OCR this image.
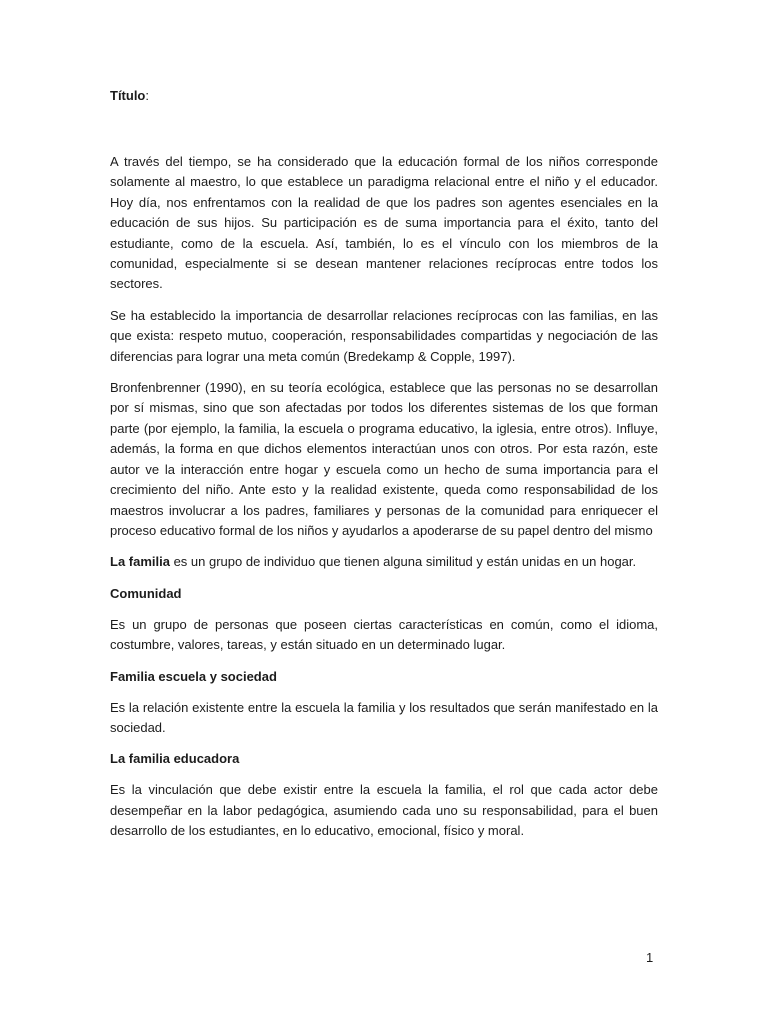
Título:

A través del tiempo, se ha considerado que la educación formal de los niños corresponde solamente al maestro, lo que establece un paradigma relacional entre el niño y el educador. Hoy día, nos enfrentamos con la realidad de que los padres son agentes esenciales en la educación de sus hijos. Su participación es de suma importancia para el éxito, tanto del estudiante, como de la escuela. Así, también, lo es el vínculo con los miembros de la comunidad, especialmente si se desean mantener relaciones recíprocas entre todos los sectores.

Se ha establecido la importancia de desarrollar relaciones recíprocas con las familias, en las que exista: respeto mutuo, cooperación, responsabilidades compartidas y negociación de las diferencias para lograr una meta común (Bredekamp & Copple, 1997).

Bronfenbrenner (1990), en su teoría ecológica, establece que las personas no se desarrollan por sí mismas, sino que son afectadas por todos los diferentes sistemas de los que forman parte (por ejemplo, la familia, la escuela o programa educativo, la iglesia, entre otros). Influye, además, la forma en que dichos elementos interactúan unos con otros. Por esta razón, este autor ve la interacción entre hogar y escuela como un hecho de suma importancia para el crecimiento del niño. Ante esto y la realidad existente, queda como responsabilidad de los maestros involucrar a los padres, familiares y personas de la comunidad para enriquecer el proceso educativo formal de los niños y ayudarlos a apoderarse de su papel dentro del mismo

La familia es un grupo de individuo que tienen alguna similitud y están unidas en un hogar.

Comunidad

Es un grupo de personas que poseen ciertas características en común, como el idioma, costumbre, valores, tareas, y están situado en un determinado lugar.

Familia escuela y sociedad

Es la relación existente entre la escuela la familia y los resultados que serán manifestado en la sociedad.

La familia educadora

Es la vinculación que debe existir entre la escuela la familia, el rol que cada actor debe desempeñar en la labor pedagógica, asumiendo cada uno su responsabilidad, para el buen desarrollo de los estudiantes, en lo educativo, emocional, físico y moral.

1
